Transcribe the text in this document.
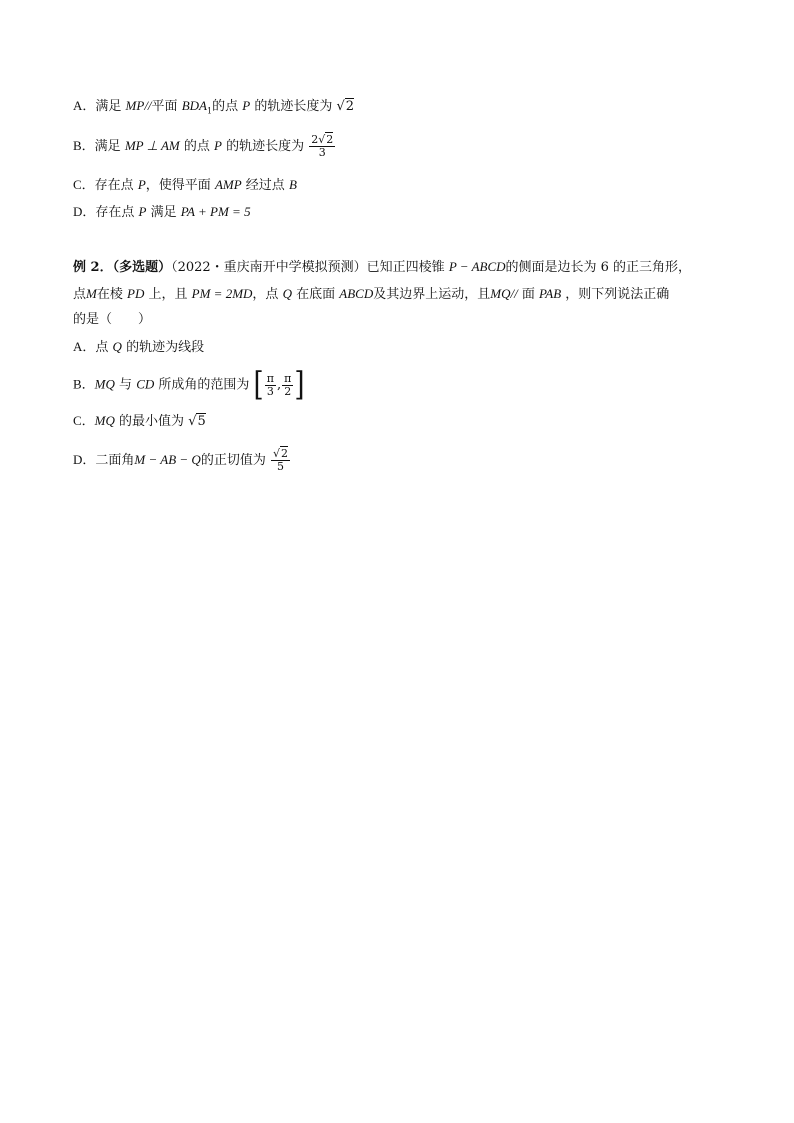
A．满足 MP//平面 $BDA_1$的点 P 的轨迹长度为 √2
B．满足 MP ⊥ AM 的点 P 的轨迹长度为 $\frac{2√2}{3}$
C．存在点 P，使得平面 AMP 经过点 B
D．存在点 P 满足 PA + PM = 5
例 2．（多选题）（2022・重庆南开中学模拟预测）已知正四棱锥 P − ABCD的侧面是边长为 6 的正三角形，
点M在棱 PD 上，且 PM = 2MD，点 Q 在底面 ABCD及其边界上运动，且MQ// 面 PAB ，则下列说法正确
的是（　　）
A．点 Q 的轨迹为线段
B．MQ 与 CD 所成角的范围为 [ $\frac{\pi}{3}$ , $\frac{\pi}{2}$ ]
C．MQ 的最小值为 √5
D．二面角M − AB − Q的正切值为 $\frac{√2}{5}$
